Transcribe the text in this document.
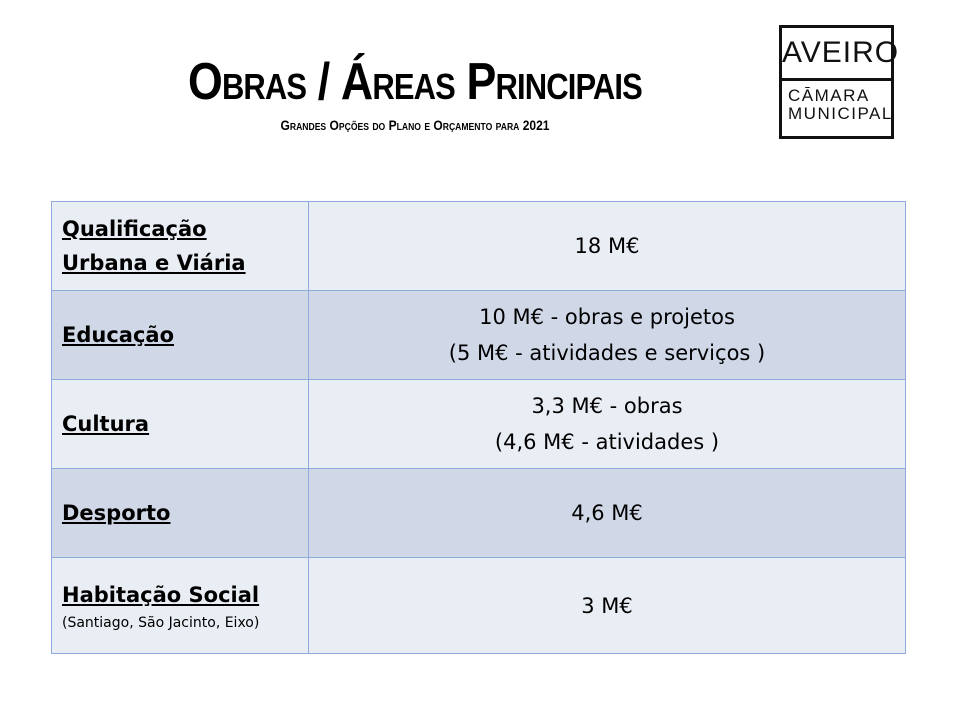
Obras / Áreas Principais
Grandes Opções do Plano e Orçamento para 2021
AVEIRO
CĀMARA
MUNICIPAL
Qualificação Urbana e Viária	18 M€

Educação	10 M€ - obras e projetos
(5 M€ - atividades e serviços )

Cultura	3,3 M€ - obras
(4,6 M€ - atividades )

Desporto	4,6 M€

Habitação Social
(Santiago, São Jacinto, Eixo)	3 M€
